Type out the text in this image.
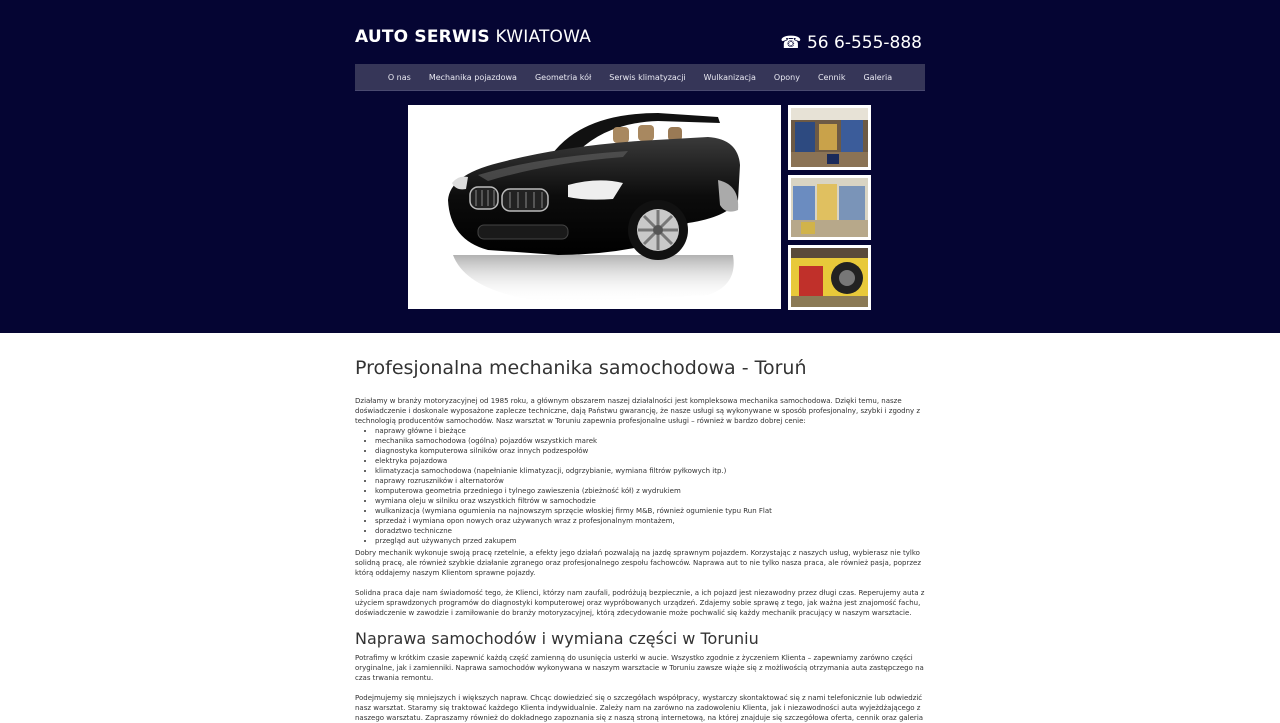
AUTO SERWIS KWIATOWA	☎ 56 6-555-888
O nas Mechanika pojazdowa Geometria kół Serwis klimatyzacji Wulkanizacja Opony Cennik Galeria
Profesjonalna mechanika samochodowa - Toruń

Działamy w branży motoryzacyjnej od 1985 roku, a głównym obszarem naszej działalności jest kompleksowa mechanika samochodowa. Dzięki temu, nasze doświadczenie i doskonale wyposażone zaplecze techniczne, dają Państwu gwarancję, że nasze usługi są wykonywane w sposób profesjonalny, szybki i zgodny z technologią producentów samochodów. Nasz warsztat w Toruniu zapewnia profesjonalne usługi – również w bardzo dobrej cenie:

• naprawy główne i bieżące
• mechanika samochodowa (ogólna) pojazdów wszystkich marek
• diagnostyka komputerowa silników oraz innych podzespołów
• elektryka pojazdowa
• klimatyzacja samochodowa (napełnianie klimatyzacji, odgrzybianie, wymiana filtrów pyłkowych itp.)
• naprawy rozruszników i alternatorów
• komputerowa geometria przedniego i tylnego zawieszenia (zbieżność kół) z wydrukiem
• wymiana oleju w silniku oraz wszystkich filtrów w samochodzie
• wulkanizacja (wymiana ogumienia na najnowszym sprzęcie włoskiej firmy M&B, również ogumienie typu Run Flat
• sprzedaż i wymiana opon nowych oraz używanych wraz z profesjonalnym montażem,
• doradztwo techniczne
• przegląd aut używanych przed zakupem

Dobry mechanik wykonuje swoją pracę rzetelnie, a efekty jego działań pozwalają na jazdę sprawnym pojazdem. Korzystając z naszych usług, wybierasz nie tylko solidną pracę, ale również szybkie działanie zgranego oraz profesjonalnego zespołu fachowców. Naprawa aut to nie tylko nasza praca, ale również pasja, poprzez którą oddajemy naszym Klientom sprawne pojazdy.

Solidna praca daje nam świadomość tego, że Klienci, którzy nam zaufali, podróżują bezpiecznie, a ich pojazd jest niezawodny przez długi czas. Reperujemy auta z użyciem sprawdzonych programów do diagnostyki komputerowej oraz wypróbowanych urządzeń. Zdajemy sobie sprawę z tego, jak ważna jest znajomość fachu, doświadczenie w zawodzie i zamiłowanie do branży motoryzacyjnej, którą zdecydowanie może pochwalić się każdy mechanik pracujący w naszym warsztacie.

Naprawa samochodów i wymiana części w Toruniu

Potrafimy w krótkim czasie zapewnić każdą część zamienną do usunięcia usterki w aucie. Wszystko zgodnie z życzeniem Klienta – zapewniamy zarówno części oryginalne, jak i zamienniki. Naprawa samochodów wykonywana w naszym warsztacie w Toruniu zawsze wiąże się z możliwością otrzymania auta zastępczego na czas trwania remontu.

Podejmujemy się mniejszych i większych napraw. Chcąc dowiedzieć się o szczegółach współpracy, wystarczy skontaktować się z nami telefonicznie lub odwiedzić nasz warsztat. Staramy się traktować każdego Klienta indywidualnie. Zależy nam na zarówno na zadowoleniu Klienta, jak i niezawodności auta wyjeżdżającego z naszego warsztatu. Zapraszamy również do dokładnego zapoznania się z naszą stroną internetową, na której znajduje się szczegółowa oferta, cennik oraz galeria
